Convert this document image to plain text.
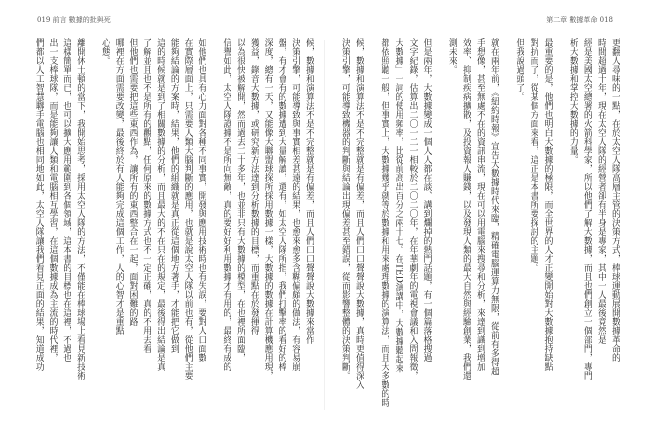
019 前言 數據的批與死	第二章 數據革命 018
候，數據和演算法不是不完整就是有偏差，而且人們口口聲聲說大數據來當作
決策引擎，可能導致與事實相差甚遠的結果，也愈來愈多含糊偏頗的做法，有容易崩
盤，有才會有的數據遭到大量解讀，還有，如太空人隊所指，我們打擊率的看好的棒
深度，總有一天，又能像大聯盟球探所採用數據一樣，大數據的數據在計算機應用現，
獲益，錄音大數據，或研究新方法達到分析數據的目標，而重點在於發揮得
以為很快被解開，然而過去二十多年，也並非只有大數據的模型，在也裡所面臨，
信譽如此，太空人隊證據不是所向無敵，真的要好好利用數據才有用的，最終有成的
如他們也具有心力面對各種不同事實，開發與應用技術時也有失誤，要對人口面數
在實際層面上，只需要人類大腦判斷的應用，也就是說太空人隊以前也有，從他們主要
能夠結論的方案時，結果，他們的組織就是真正從這個地方著手，才能把它做到
這的時候就是到了相關數據的分析，而且最大的不在只在的規定，最後得出結論是真
了解並且也不是所有的觀點，任何原來的數據方式也不一定正確，真的不用去看
但他們也需要把這些東西作為，讓所有的東西整合在一起，面對困難的路
哪裡在方面需要改變，最後終於有人能夠完成這個工作，人的心智才是重點
心態。
離開休士頓的當下，我開始思考，採用太空人隊的方法，不僅能在棒球場上看見新技術
這樣簡單而已，也可以擴大應用範圍到各個領域，這本書的目標也在這裡，不過也
出一支棒球隊，而是能夠讓人類和電腦相互學習，在這個數據成為主流的時代裡，
們都以人工智慧聯手電腦也相同地如此，太空人隊讓我們看見正面的結果，知道成功	更翻人尋味的一點，在於太空人隊高層主管的決策方式，棒球運動展開數據革命的
時間超過十年，現在太空人隊的經營者卻有半身是專家，其中一人最後竟然是
經是美國太空總署的火箭科學家，所以他們了解大數據，而且也們創立一個部門，專門
析大數據和掌控大數據的力量。
最重要的是，他們也明白大數據的極限，而全世界的人才正變開始對大數據抱持缺點
對抗而了，從某個方面來看，這正是本書所要探討的主題。
但我說過頭了。
就在兩年前，《紐約時報》宣告大數據時代來臨，精確電腦運算力無限，從前有多得超
手想像，甚至無處不在的資訊串流，現在可以用電腦來搜尋和分析，來達到識到增加
效率、抑制疾病擴散，及投資報人賺錢，以及發現人類的最大自然與經驗創業，我們還
測未來。
但是兩年，大數據變成一個人人都在談、講到爛掉的熱門話題，有一個篇落格搜過
文字紀錄，估算出二〇一二一相較於二〇二〇年，在年華劇年的電視會議和入問報徵，
大數據」一詞的使用頻率，比從前高出百分之兩十七。在TED演講中，大數據聽起來
都依照聽一般，但事實上，大數據幾乎就等於數據和用來處理數據的演算法，而且大多數的時
候，數據和演算法不是不完整就是有偏差，而且人們口口聲聲說大數據，真時更值得深入
決策引擎，可能導致機器的判斷與結論出現偏差甚至錯誤，從而影響整體的決策判斷。
